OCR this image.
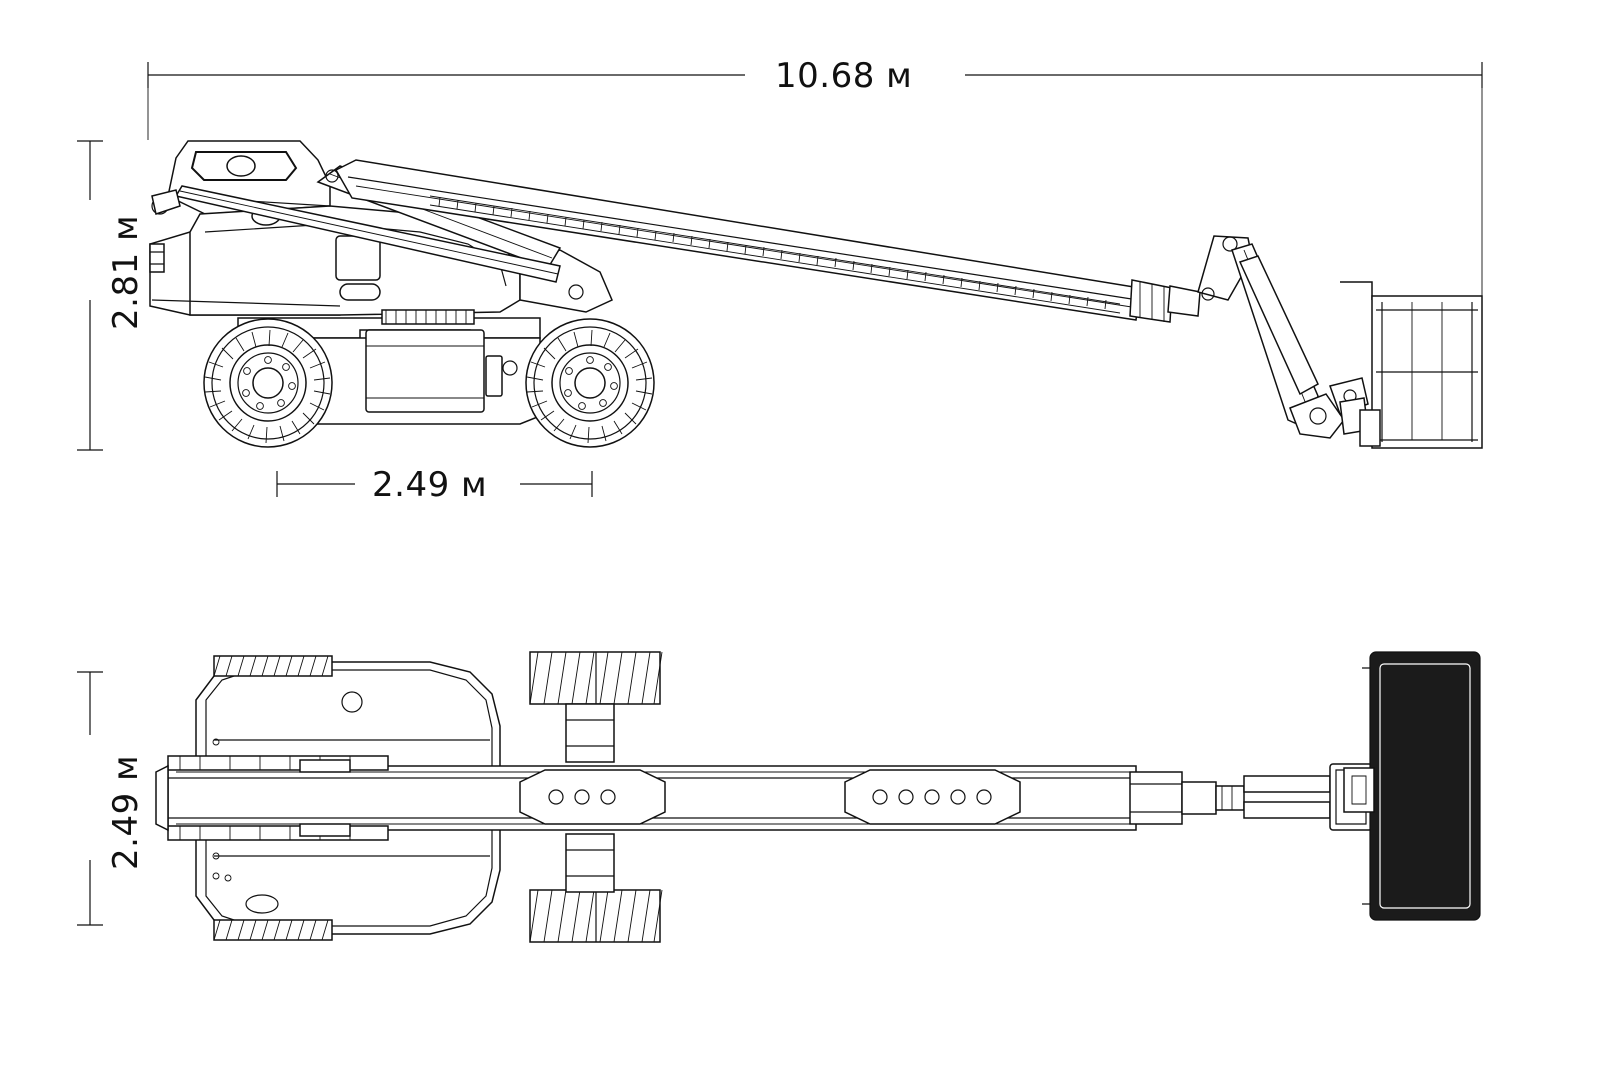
10.68 м
2.81 м
2.49 м
2.49 м
